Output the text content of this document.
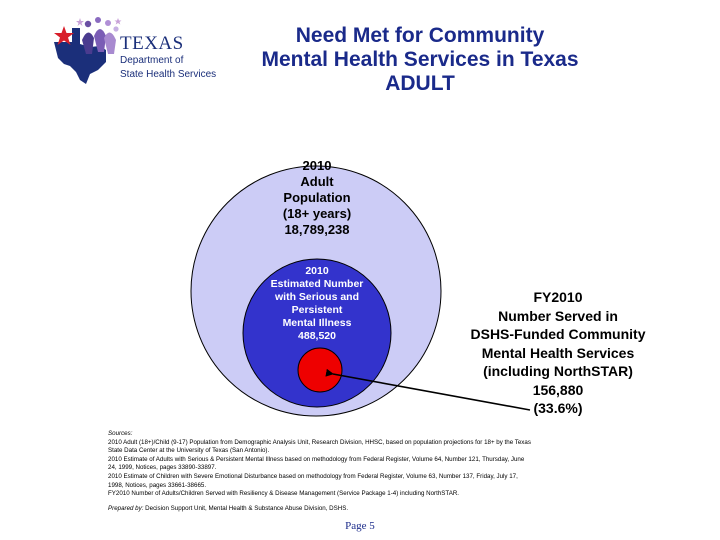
TEXAS
Department of
State Health Services
Need Met for Community
Mental Health Services in Texas
ADULT
2010
Adult
Population
(18+ years)
18,789,238
2010
Estimated Number
with Serious and
Persistent
Mental Illness
488,520
FY2010
Number Served in
DSHS-Funded Community
Mental Health Services
(including NorthSTAR)
156,880
(33.6%)
Sources:
2010 Adult (18+)/Child (9-17) Population from Demographic Analysis Unit, Research Division, HHSC, based on population projections for 18+ by the Texas
State Data Center at the University of Texas (San Antonio).
2010 Estimate of Adults with Serious & Persistent Mental Illness based on methodology from Federal Register, Volume 64, Number 121, Thursday, June
24, 1999, Notices, pages 33890-33897.
2010 Estimate of Children with Severe Emotional Disturbance based on methodology from Federal Register, Volume 63, Number 137, Friday, July 17,
1998, Notices, pages 33661-38665.
FY2010 Number of Adults/Children Served with Resiliency & Disease Management (Service Package 1-4) including NorthSTAR.
Prepared by: Decision Support Unit, Mental Health & Substance Abuse Division, DSHS.
Page 5
